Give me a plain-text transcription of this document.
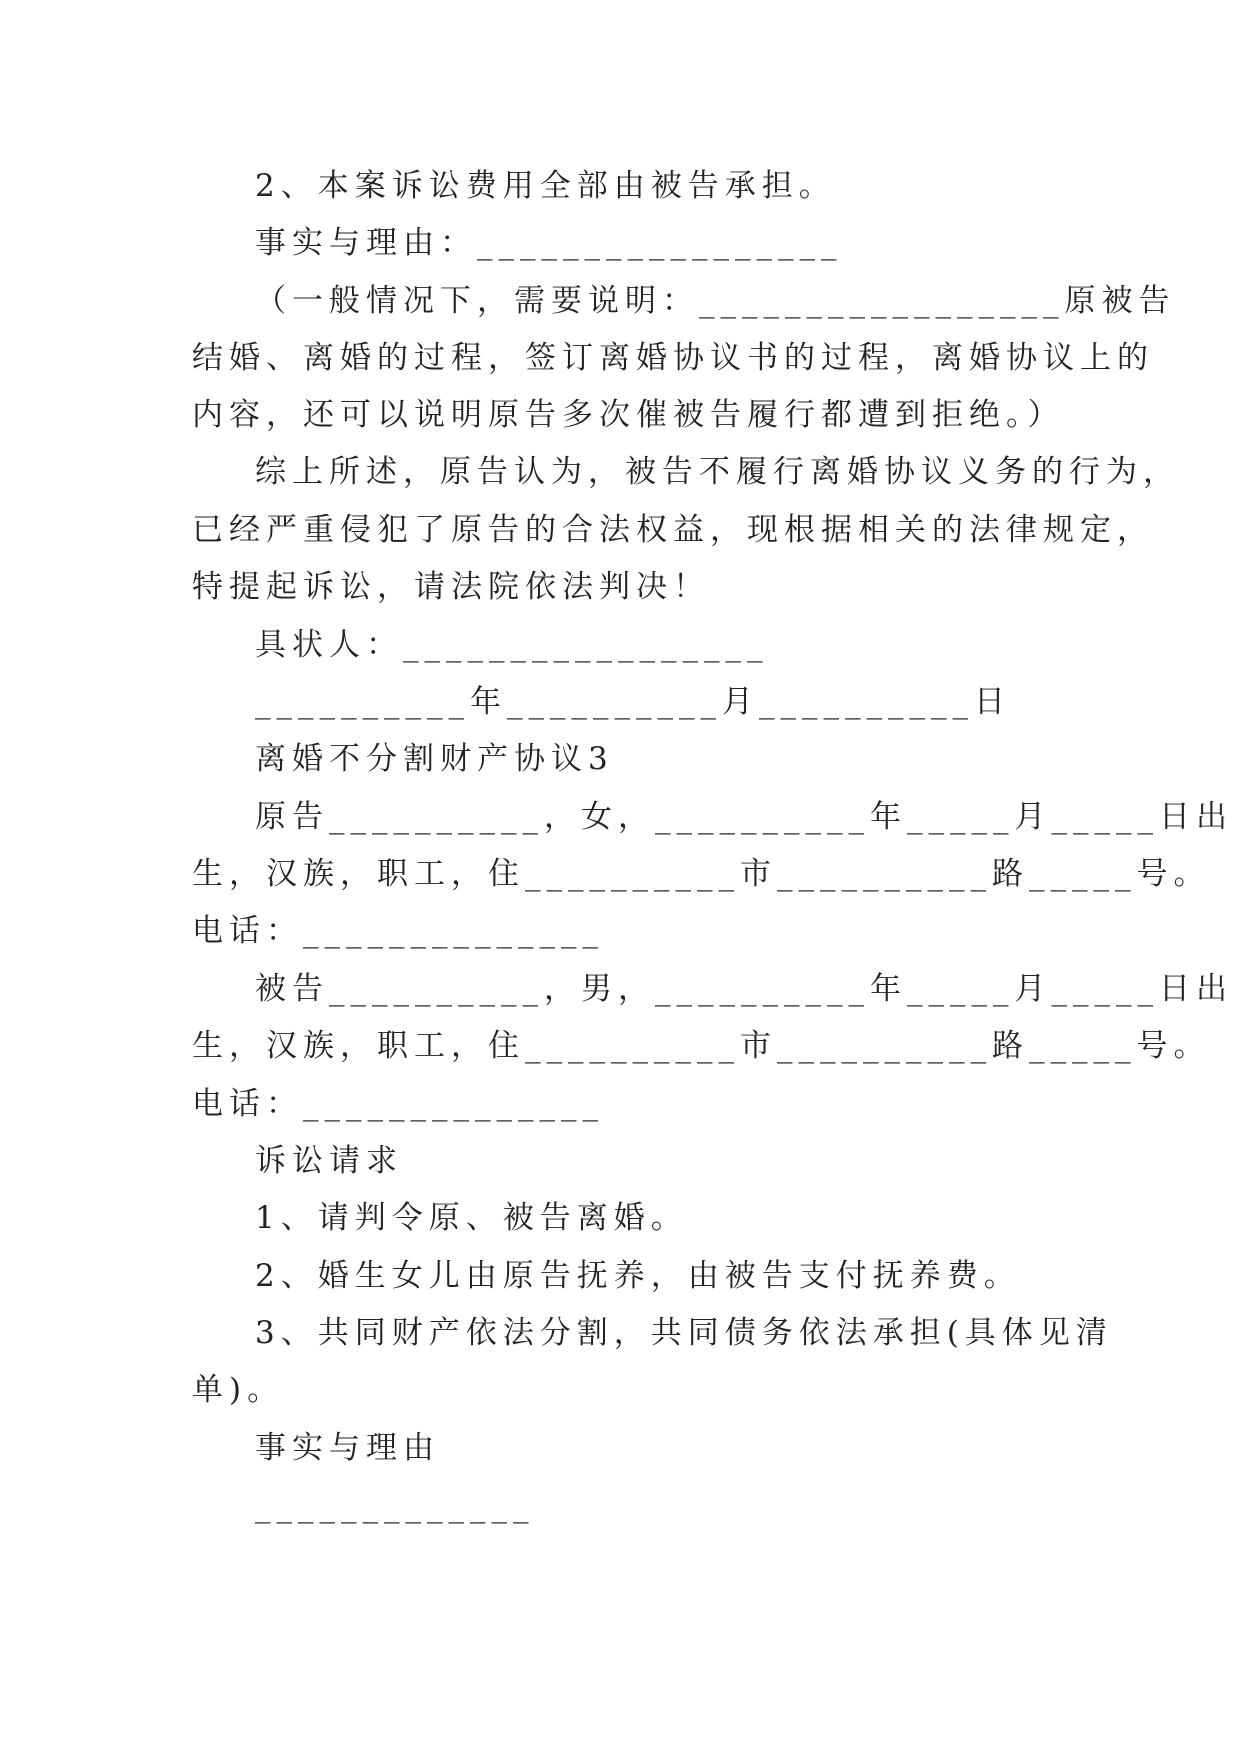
2、本案诉讼费用全部由被告承担。
事实与理由：_________________
（一般情况下，需要说明：_________________原被告
结婚、离婚的过程，签订离婚协议书的过程，离婚协议上的
内容，还可以说明原告多次催被告履行都遭到拒绝。）
综上所述，原告认为，被告不履行离婚协议义务的行为，
已经严重侵犯了原告的合法权益，现根据相关的法律规定，
特提起诉讼，请法院依法判决！
具状人：_________________
__________年__________月__________日
离婚不分割财产协议3
原告__________，女，__________年_____月_____日出
生，汉族，职工，住__________市__________路_____号。
电话：______________
被告__________，男，__________年_____月_____日出
生，汉族，职工，住__________市__________路_____号。
电话：______________
诉讼请求
1、请判令原、被告离婚。
2、婚生女儿由原告抚养，由被告支付抚养费。
3、共同财产依法分割，共同债务依法承担(具体见清
单)。
事实与理由
_____________
